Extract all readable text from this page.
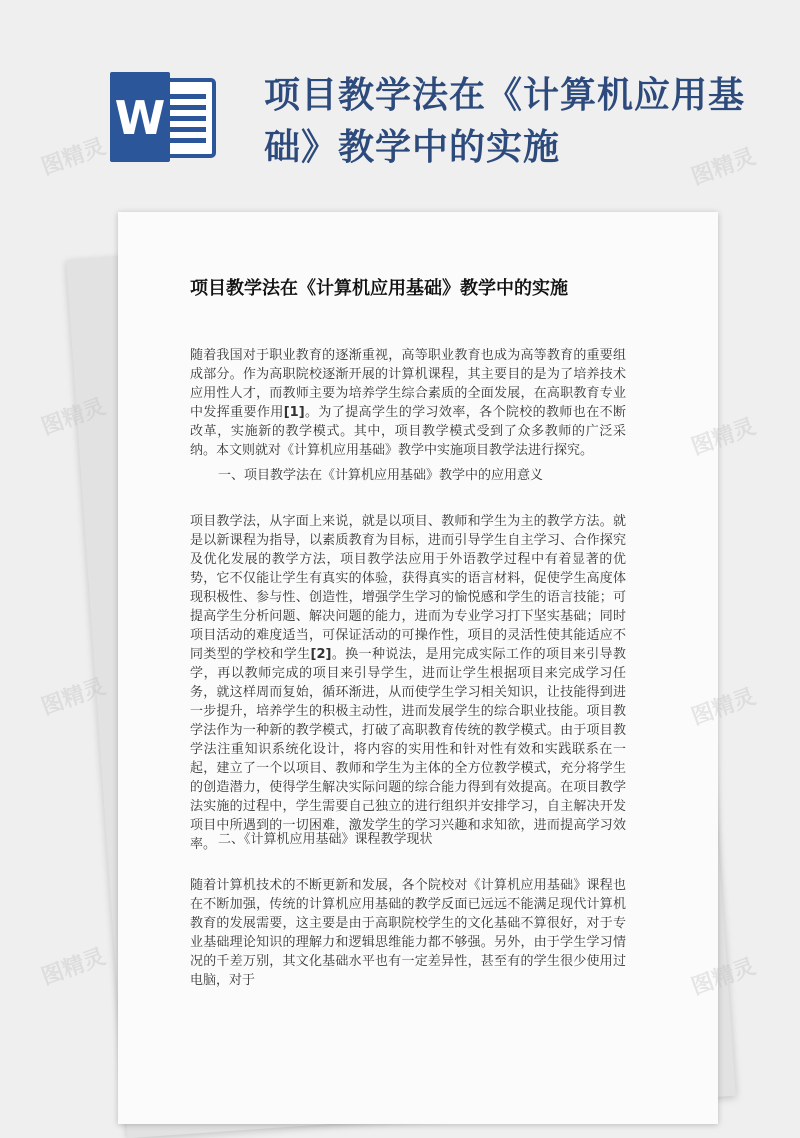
W	项目教学法在《计算机应用基础》教学中的实施
项目教学法在《计算机应用基础》教学中的实施

随着我国对于职业教育的逐渐重视，高等职业教育也成为高等教育的重要组成部分。作为高职院校逐渐开展的计算机课程，其主要目的是为了培养技术应用性人才，而教师主要为培养学生综合素质的全面发展，在高职教育专业中发挥重要作用[1]。为了提高学生的学习效率，各个院校的教师也在不断改革，实施新的教学模式。其中，项目教学模式受到了众多教师的广泛采纳。本文则就对《计算机应用基础》教学中实施项目教学法进行探究。

一、项目教学法在《计算机应用基础》教学中的应用意义

项目教学法，从字面上来说，就是以项目、教师和学生为主的教学方法。就是以新课程为指导，以素质教育为目标，进而引导学生自主学习、合作探究及优化发展的教学方法，项目教学法应用于外语教学过程中有着显著的优势，它不仅能让学生有真实的体验，获得真实的语言材料，促使学生高度体现积极性、参与性、创造性，增强学生学习的愉悦感和学生的语言技能；可提高学生分析问题、解决问题的能力，进而为专业学习打下坚实基础；同时项目活动的难度适当，可保证活动的可操作性，项目的灵活性使其能适应不同类型的学校和学生[2]。换一种说法，是用完成实际工作的项目来引导教学，再以教师完成的项目来引导学生，进而让学生根据项目来完成学习任务，就这样周而复始，循环渐进，从而使学生学习相关知识，让技能得到进一步提升，培养学生的积极主动性，进而发展学生的综合职业技能。项目教学法作为一种新的教学模式，打破了高职教育传统的教学模式。由于项目教学法注重知识系统化设计，将内容的实用性和针对性有效和实践联系在一起，建立了一个以项目、教师和学生为主体的全方位教学模式，充分将学生的创造潜力，使得学生解决实际问题的综合能力得到有效提高。在项目教学法实施的过程中，学生需要自己独立的进行组织并安排学习，自主解决开发项目中所遇到的一切困难，激发学生的学习兴趣和求知欲，进而提高学习效率。 二、《计算机应用基础》课程教学现状

随着计算机技术的不断更新和发展，各个院校对《计算机应用基础》课程也在不断加强，传统的计算机应用基础的教学反面已远远不能满足现代计算机教育的发展需要，这主要是由于高职院校学生的文化基础不算很好，对于专业基础理论知识的理解力和逻辑思维能力都不够强。另外，由于学生学习情况的千差万别，其文化基础水平也有一定差异性，甚至有的学生很少使用过电脑，对于

图精灵	图精灵
图精灵	图精灵
图精灵	图精灵
图精灵	图精灵
